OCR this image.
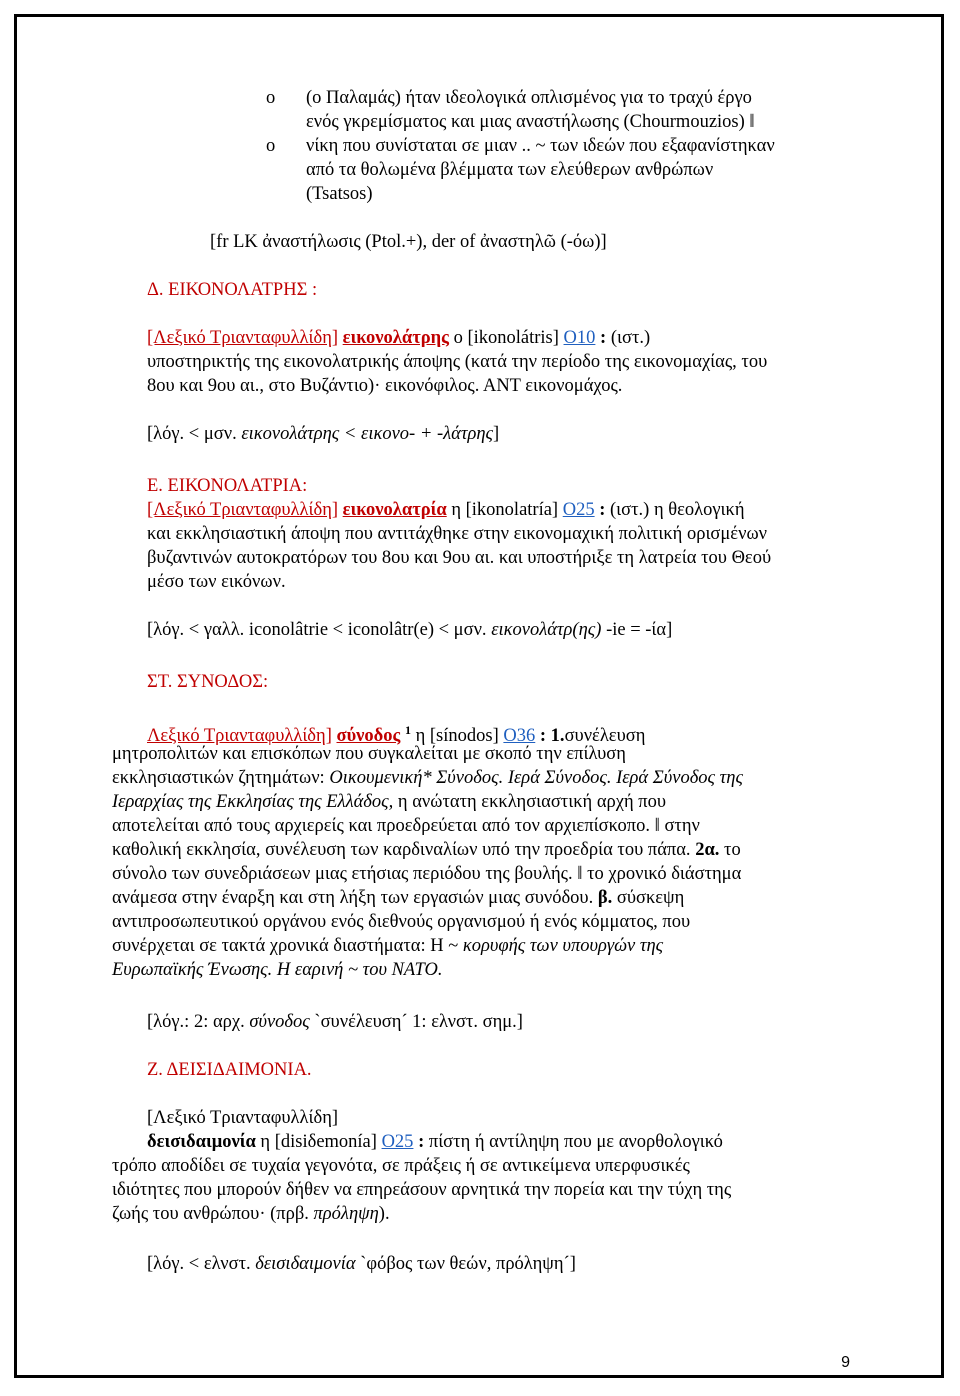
o (ο Παλαμάς) ήταν ιδεολογικά οπλισμένος για το τραχύ έργο
ενός γκρεμίσματος και μιας αναστήλωσης (Chourmouzios) ‖
o νίκη που συνίσταται σε μιαν .. ~ των ιδεών που εξαφανίστηκαν
από τα θολωμένα βλέμματα των ελεύθερων ανθρώπων
(Tsatsos)
[fr LK ἀναστήλωσις (Ptol.+), der of ἀναστηλῶ (-όω)]
Δ. ΕΙΚΟΝΟΛΑΤΡΗΣ :
[Λεξικό Τριανταφυλλίδη] εικονολάτρης ο [ikonolátris] Ο10 : (ιστ.)
υποστηρικτής της εικονολατρικής άποψης (κατά την περίοδο της εικονομαχίας, του
8ου και 9ου αι., στο Βυζάντιο)· εικονόφιλος. ΑΝΤ εικονομάχος.
[λόγ. < μσν. εικονολάτρης < εικονο- + -λάτρης]
Ε. ΕΙΚΟΝΟΛΑΤΡΙΑ:
[Λεξικό Τριανταφυλλίδη] εικονολατρία η [ikonolatría] Ο25 : (ιστ.) η θεολογική
και εκκλησιαστική άποψη που αντιτάχθηκε στην εικονομαχική πολιτική ορισμένων
βυζαντινών αυτοκρατόρων του 8ου και 9ου αι. και υποστήριξε τη λατρεία του Θεού
μέσο των εικόνων.
[λόγ. < γαλλ. iconolâtrie < iconolâtr(e) < μσν. εικονολάτρ(ης) -ie = -ία]
ΣΤ. ΣΥΝΟΔΟΣ:
Λεξικό Τριανταφυλλίδη] σύνοδος $^1$ η [sínodos] Ο36 : 1.συνέλευση
μητροπολιτών και επισκόπων που συγκαλείται με σκοπό την επίλυση
εκκλησιαστικών ζητημάτων: Οικουμενική* Σύνοδος. Ιερά Σύνοδος. Ιερά Σύνοδος της
Ιεραρχίας της Εκκλησίας της Ελλάδος, η ανώτατη εκκλησιαστική αρχή που
αποτελείται από τους αρχιερείς και προεδρεύεται από τον αρχιεπίσκοπο. ‖ στην
καθολική εκκλησία, συνέλευση των καρδιναλίων υπό την προεδρία του πάπα. 2α. το
σύνολο των συνεδριάσεων μιας ετήσιας περιόδου της βουλής. ‖ το χρονικό διάστημα
ανάμεσα στην έναρξη και στη λήξη των εργασιών μιας συνόδου. β. σύσκεψη
αντιπροσωπευτικού οργάνου ενός διεθνούς οργανισμού ή ενός κόμματος, που
συνέρχεται σε τακτά χρονικά διαστήματα: Η ~ κορυφής των υπουργών της
Ευρωπαϊκής Ένωσης. Η εαρινή ~ του ΝΑΤΟ.
[λόγ.: 2: αρχ. σύνοδος `συνέλευση´ 1: ελνστ. σημ.]
Ζ. ΔΕΙΣΙΔΑΙΜΟΝΙΑ.
[Λεξικό Τριανταφυλλίδη]
δεισιδαιμονία η [disiδemonía] Ο25 : πίστη ή αντίληψη που με ανορθολογικό
τρόπο αποδίδει σε τυχαία γεγονότα, σε πράξεις ή σε αντικείμενα υπερφυσικές
ιδιότητες που μπορούν δήθεν να επηρεάσουν αρνητικά την πορεία και την τύχη της
ζωής του ανθρώπου· (πρβ. πρόληψη).
[λόγ. < ελνστ. δεισιδαιμονία `φόβος των θεών, πρόληψη´]
9
